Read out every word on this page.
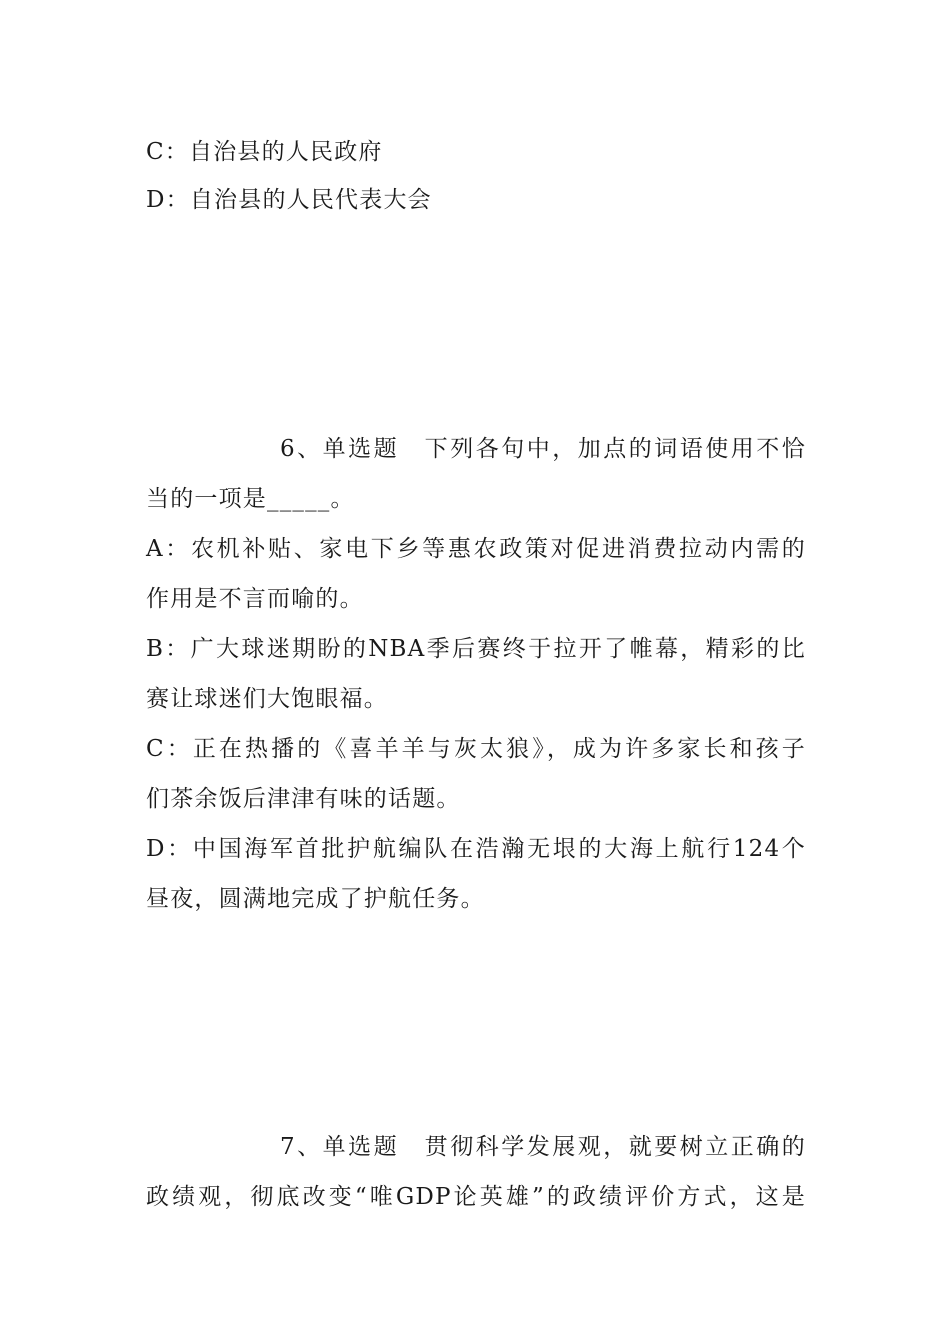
C：自治县的人民政府
D：自治县的人民代表大会
6、单选题　下列各句中，加点的词语使用不恰
当的一项是_____。
A：农机补贴、家电下乡等惠农政策对促进消费拉动内需的
作用是不言而喻的。
B：广大球迷期盼的NBA季后赛终于拉开了帷幕，精彩的比
赛让球迷们大饱眼福。
C：正在热播的《喜羊羊与灰太狼》，成为许多家长和孩子
们茶余饭后津津有味的话题。
D：中国海军首批护航编队在浩瀚无垠的大海上航行124个
昼夜，圆满地完成了护航任务。
7、单选题　贯彻科学发展观，就要树立正确的
政绩观，彻底改变“唯GDP论英雄”的政绩评价方式，这是
